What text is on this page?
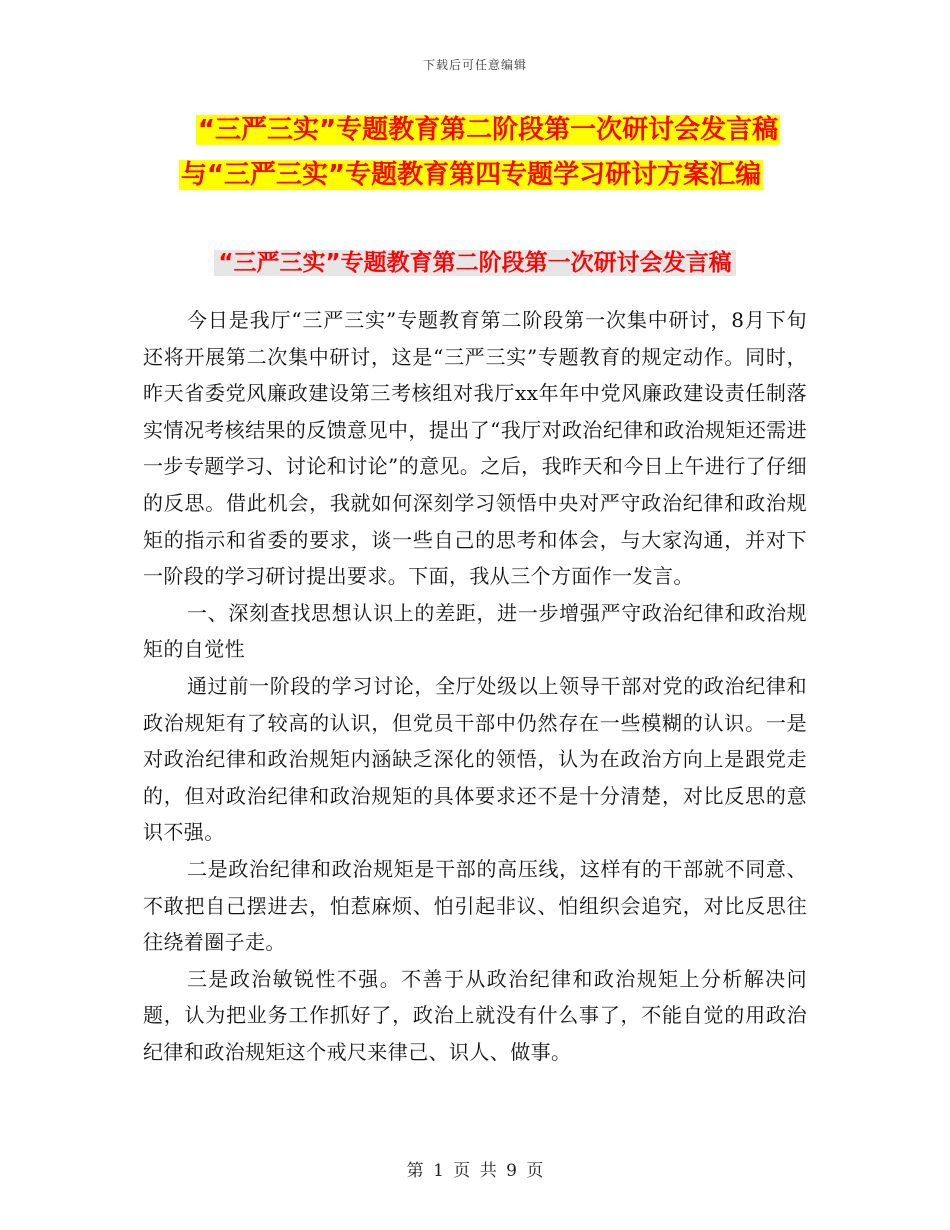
下载后可任意编辑
“三严三实”专题教育第二阶段第一次研讨会发言稿
与“三严三实”专题教育第四专题学习研讨方案汇编
“三严三实”专题教育第二阶段第一次研讨会发言稿

今日是我厅“三严三实”专题教育第二阶段第一次集中研讨，8月下旬还将开展第二次集中研讨，这是“三严三实”专题教育的规定动作。同时，昨天省委党风廉政建设第三考核组对我厅xx年年中党风廉政建设责任制落实情况考核结果的反馈意见中，提出了“我厅对政治纪律和政治规矩还需进一步专题学习、讨论和讨论”的意见。之后，我昨天和今日上午进行了仔细的反思。借此机会，我就如何深刻学习领悟中央对严守政治纪律和政治规矩的指示和省委的要求，谈一些自己的思考和体会，与大家沟通，并对下一阶段的学习研讨提出要求。下面，我从三个方面作一发言。

一、深刻查找思想认识上的差距，进一步增强严守政治纪律和政治规矩的自觉性

通过前一阶段的学习讨论，全厅处级以上领导干部对党的政治纪律和政治规矩有了较高的认识，但党员干部中仍然存在一些模糊的认识。一是对政治纪律和政治规矩内涵缺乏深化的领悟，认为在政治方向上是跟党走的，但对政治纪律和政治规矩的具体要求还不是十分清楚，对比反思的意识不强。

二是政治纪律和政治规矩是干部的高压线，这样有的干部就不同意、不敢把自己摆进去，怕惹麻烦、怕引起非议、怕组织会追究，对比反思往往绕着圈子走。

三是政治敏锐性不强。不善于从政治纪律和政治规矩上分析解决问题，认为把业务工作抓好了，政治上就没有什么事了，不能自觉的用政治纪律和政治规矩这个戒尺来律己、识人、做事。

第 1 页 共 9 页
